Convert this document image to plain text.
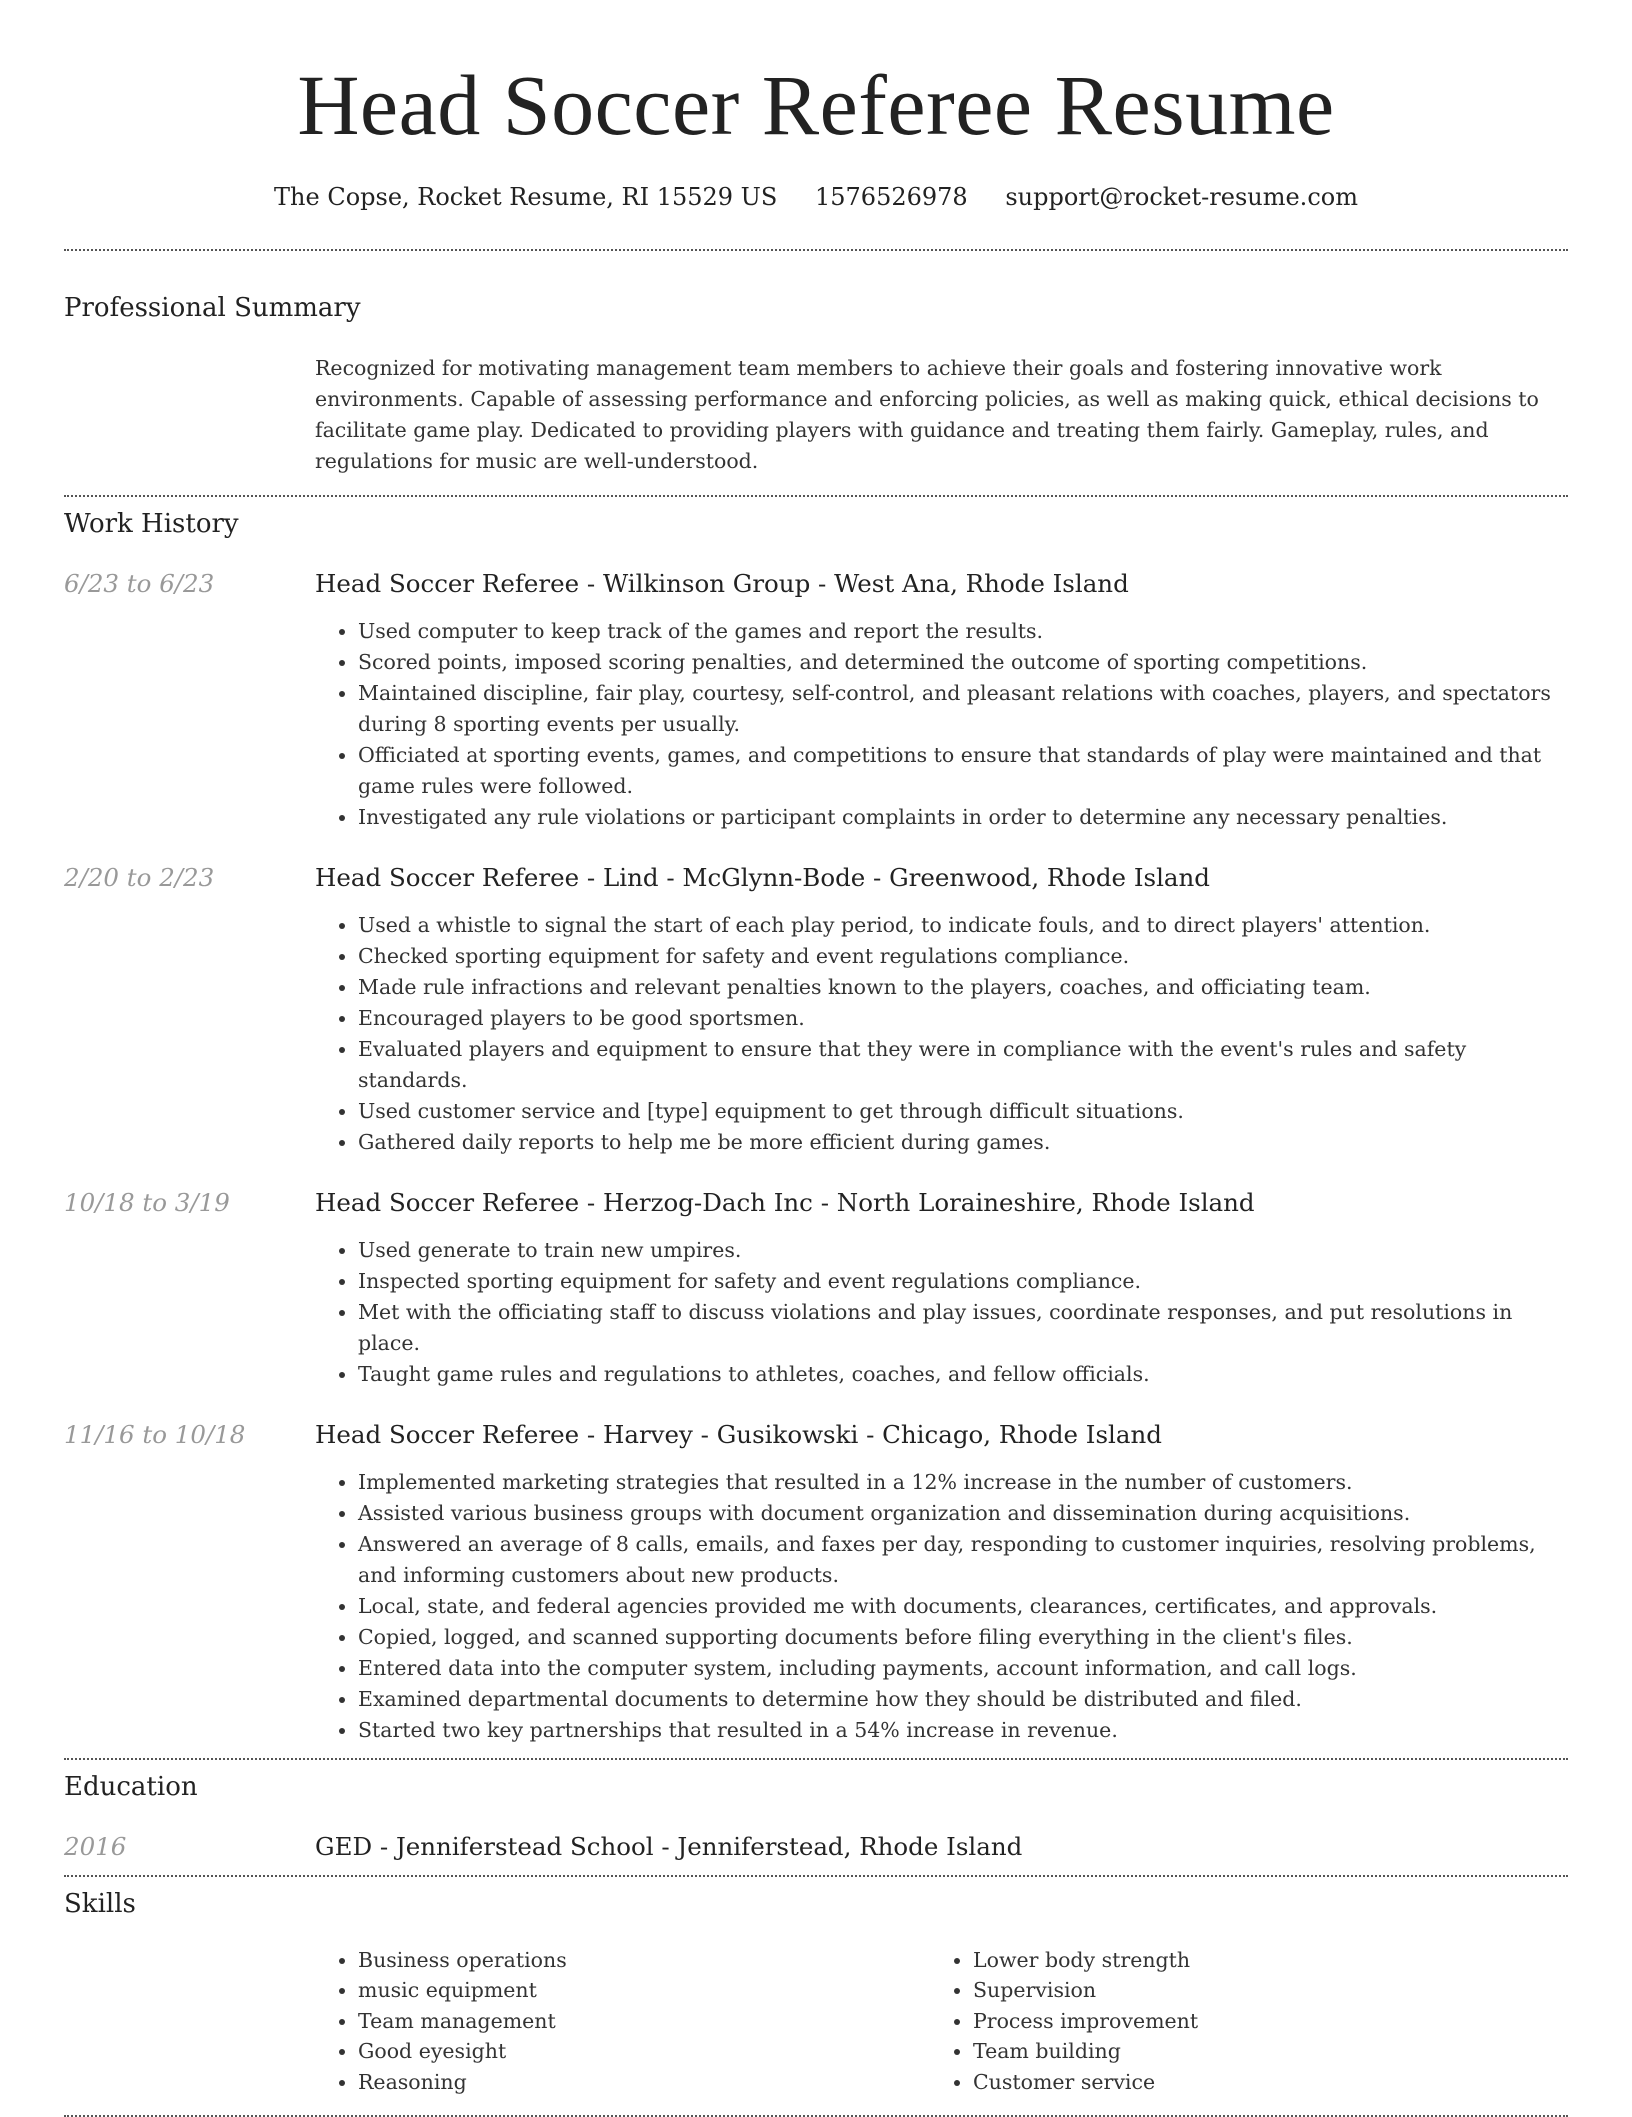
Head Soccer Referee Resume
The Copse, Rocket Resume, RI 15529 US 1576526978 support@rocket-resume.com
Professional Summary

Recognized for motivating management team members to achieve their goals and fostering innovative work environments. Capable of assessing performance and enforcing policies, as well as making quick, ethical decisions to facilitate game play. Dedicated to providing players with guidance and treating them fairly. Gameplay, rules, and regulations for music are well-understood.

Work History
6/23 to 6/23	Head Soccer Referee - Wilkinson Group - West Ana, Rhode Island
• Used computer to keep track of the games and report the results.
• Scored points, imposed scoring penalties, and determined the outcome of sporting competitions.
• Maintained discipline, fair play, courtesy, self-control, and pleasant relations with coaches, players, and spectators during 8 sporting events per usually.
• Officiated at sporting events, games, and competitions to ensure that standards of play were maintained and that game rules were followed.
• Investigated any rule violations or participant complaints in order to determine any necessary penalties.
2/20 to 2/23	Head Soccer Referee - Lind - McGlynn-Bode - Greenwood, Rhode Island
• Used a whistle to signal the start of each play period, to indicate fouls, and to direct players' attention.
• Checked sporting equipment for safety and event regulations compliance.
• Made rule infractions and relevant penalties known to the players, coaches, and officiating team.
• Encouraged players to be good sportsmen.
• Evaluated players and equipment to ensure that they were in compliance with the event's rules and safety standards.
• Used customer service and [type] equipment to get through difficult situations.
• Gathered daily reports to help me be more efficient during games.
10/18 to 3/19	Head Soccer Referee - Herzog-Dach Inc - North Loraineshire, Rhode Island
• Used generate to train new umpires.
• Inspected sporting equipment for safety and event regulations compliance.
• Met with the officiating staff to discuss violations and play issues, coordinate responses, and put resolutions in place.
• Taught game rules and regulations to athletes, coaches, and fellow officials.
11/16 to 10/18	Head Soccer Referee - Harvey - Gusikowski - Chicago, Rhode Island
• Implemented marketing strategies that resulted in a 12% increase in the number of customers.
• Assisted various business groups with document organization and dissemination during acquisitions.
• Answered an average of 8 calls, emails, and faxes per day, responding to customer inquiries, resolving problems, and informing customers about new products.
• Local, state, and federal agencies provided me with documents, clearances, certificates, and approvals.
• Copied, logged, and scanned supporting documents before filing everything in the client's files.
• Entered data into the computer system, including payments, account information, and call logs.
• Examined departmental documents to determine how they should be distributed and filed.
• Started two key partnerships that resulted in a 54% increase in revenue.
Education
2016	GED - Jenniferstead School - Jenniferstead, Rhode Island
Skills
• Business operations
• music equipment
• Team management
• Good eyesight
• Reasoning
• Lower body strength
• Supervision
• Process improvement
• Team building
• Customer service
